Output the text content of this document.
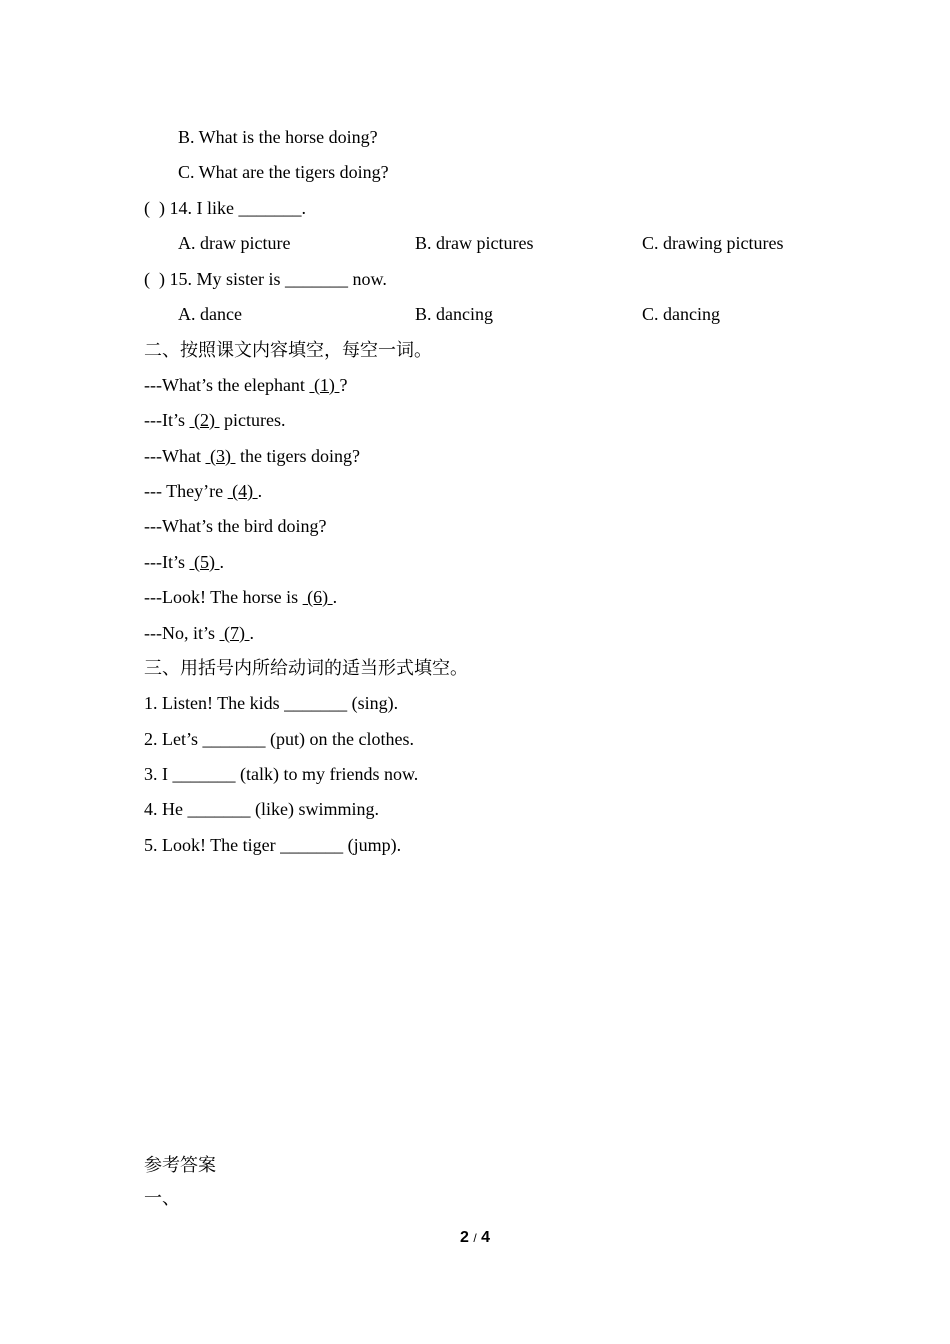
B. What is the horse doing?
C. What are the tigers doing?
(  ) 14. I like _______.
A. draw picture	B. draw pictures	C. drawing pictures
(  ) 15. My sister is _______ now.
A. dance	B. dancing	C. dancing
二、按照课文内容填空，每空一词。
---What’s the elephant  (1) ?
---It’s  (2)  pictures.
---What  (3)  the tigers doing?
--- They’re  (4) .
---What’s the bird doing?
---It’s  (5) .
---Look! The horse is  (6) .
---No, it’s  (7) .
三、用括号内所给动词的适当形式填空。
1. Listen! The kids _______ (sing).
2. Let’s _______ (put) on the clothes.
3. I _______ (talk) to my friends now.
4. He _______ (like) swimming.
5. Look! The tiger _______ (jump).
参考答案
一、
2 / 4
